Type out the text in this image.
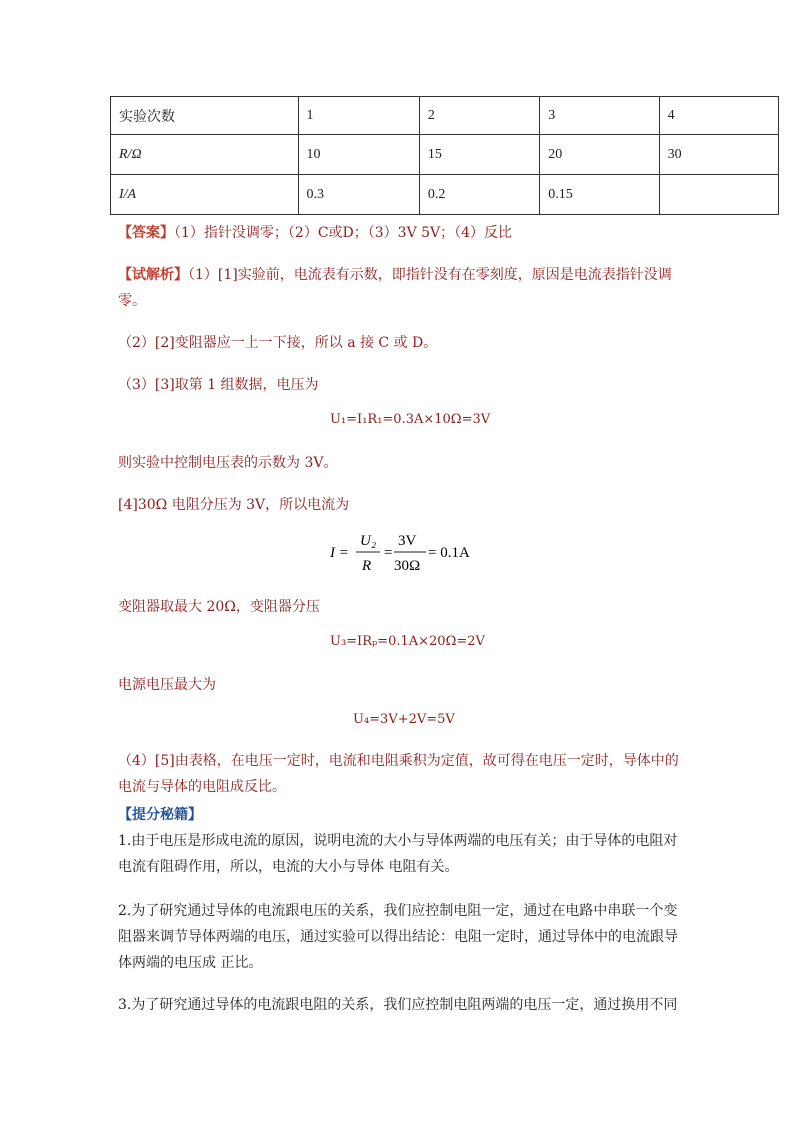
实验次数	1	2	3	4
R/Ω	10	15	20	30
I/A	0.3	0.2	0.15	
【答案】（1）指针没调零；（2）C或D；（3）3V 5V；（4）反比
【试解析】（1）[1]实验前，电流表有示数，即指针没有在零刻度，原因是电流表指针没调
零。
（2）[2]变阻器应一上一下接，所以 a 接 C 或 D。
（3）[3]取第 1 组数据，电压为
U₁=I₁R₁=0.3A×10Ω=3V
则实验中控制电压表的示数为 3V。
[4]30Ω 电阻分压为 3V，所以电流为
I =
U₂
R
=
3V
30Ω
= 0.1A
变阻器取最大 20Ω，变阻器分压
U₃=IRₚ=0.1A×20Ω=2V
电源电压最大为
U₄=3V+2V=5V
（4）[5]由表格，在电压一定时，电流和电阻乘积为定值，故可得在电压一定时，导体中的
电流与导体的电阻成反比。
【提分秘籍】
1.由于电压是形成电流的原因，说明电流的大小与导体两端的电压有关；由于导体的电阻对
电流有阻碍作用，所以，电流的大小与导体 电阻有关。
2.为了研究通过导体的电流跟电压的关系，我们应控制电阻一定，通过在电路中串联一个变
阻器来调节导体两端的电压，通过实验可以得出结论：电阻一定时，通过导体中的电流跟导
体两端的电压成 正比。
3.为了研究通过导体的电流跟电阻的关系，我们应控制电阻两端的电压一定，通过换用不同
